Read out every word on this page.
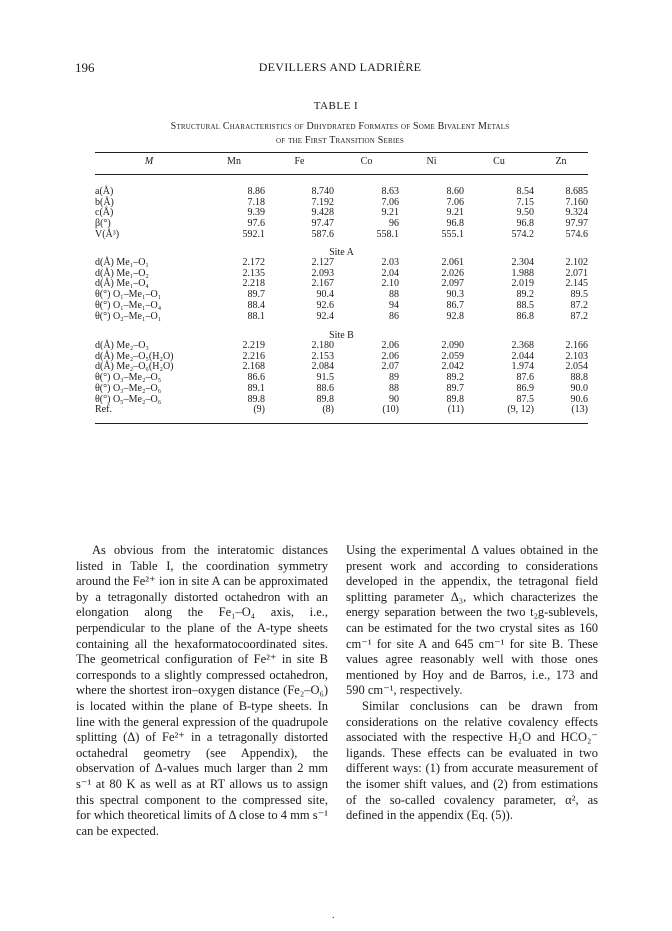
196	DEVILLERS AND LADRIÈRE
TABLE I
Structural Characteristics of Dihydrated Formates of Some Bivalent Metals
of the First Transition Series
M	Mn	Fe	Co	Ni	Cu	Zn
a(Å)	8.86	8.740	8.63	8.60	8.54	8.685
b(Å)	7.18	7.192	7.06	7.06	7.15	7.160
c(Å)	9.39	9.428	9.21	9.21	9.50	9.324
β(°)	97.6	97.47	96	96.8	96.8	97.97
V(Å³)	592.1	587.6	558.1	555.1	574.2	574.6
Site A
d(Å) Me₁–O₁	2.172	2.127	2.03	2.061	2.304	2.102
d(Å) Me₁–O₂	2.135	2.093	2.04	2.026	1.988	2.071
d(Å) Me₁–O₄	2.218	2.167	2.10	2.097	2.019	2.145
θ(°) O₁–Me₁–O₁	89.7	90.4	88	90.3	89.2	89.5
θ(°) O₁–Me₁–O₄	88.4	92.6	94	86.7	88.5	87.2
θ(°) O₂–Me₁–O₁	88.1	92.4	86	92.8	86.8	87.2
Site B
d(Å) Me₂–O₃	2.219	2.180	2.06	2.090	2.368	2.166
d(Å) Me₂–O₅(H₂O)	2.216	2.153	2.06	2.059	2.044	2.103
d(Å) Me₂–O₆(H₂O)	2.168	2.084	2.07	2.042	1.974	2.054
θ(°) O₃–Me₂–O₅	86.6	91.5	89	89.2	87.6	88.8
θ(°) O₃–Me₂–O₆	89.1	88.6	88	89.7	86.9	90.0
θ(°) O₅–Me₂–O₆	89.8	89.8	90	89.8	87.5	90.6
Ref.	(9)	(8)	(10)	(11)	(9, 12)	(13)

As obvious from the interatomic distances listed in Table I, the coordination symmetry around the Fe²⁺ ion in site A can be approximated by a tetragonally distorted octahedron with an elongation along the Fe₁–O₄ axis, i.e., perpendicular to the plane of the A-type sheets containing all the hexaformatocoordinated sites. The geometrical configuration of Fe²⁺ in site B corresponds to a slightly compressed octahedron, where the shortest iron–oxygen distance (Fe₂–O₆) is located within the plane of B-type sheets. In line with the general expression of the quadrupole splitting (Δ) of Fe²⁺ in a tetragonally distorted octahedral geometry (see Appendix), the observation of Δ-values much larger than 2 mm s⁻¹ at 80 K as well as at RT allows us to assign this spectral component to the compressed site, for which theoretical limits of Δ close to 4 mm s⁻¹ can be expected.

Using the experimental Δ values obtained in the present work and according to considerations developed in the appendix, the tetragonal field splitting parameter Δ₃, which characterizes the energy separation between the two t₂g-sublevels, can be estimated for the two crystal sites as 160 cm⁻¹ for site A and 645 cm⁻¹ for site B. These values agree reasonably well with those ones mentioned by Hoy and de Barros, i.e., 173 and 590 cm⁻¹, respectively.

Similar conclusions can be drawn from considerations on the relative covalency effects associated with the respective H₂O and HCO₂⁻ ligands. These effects can be evaluated in two different ways: (1) from accurate measurement of the isomer shift values, and (2) from estimations of the so-called covalency parameter, α², as defined in the appendix (Eq. (5)).

.
